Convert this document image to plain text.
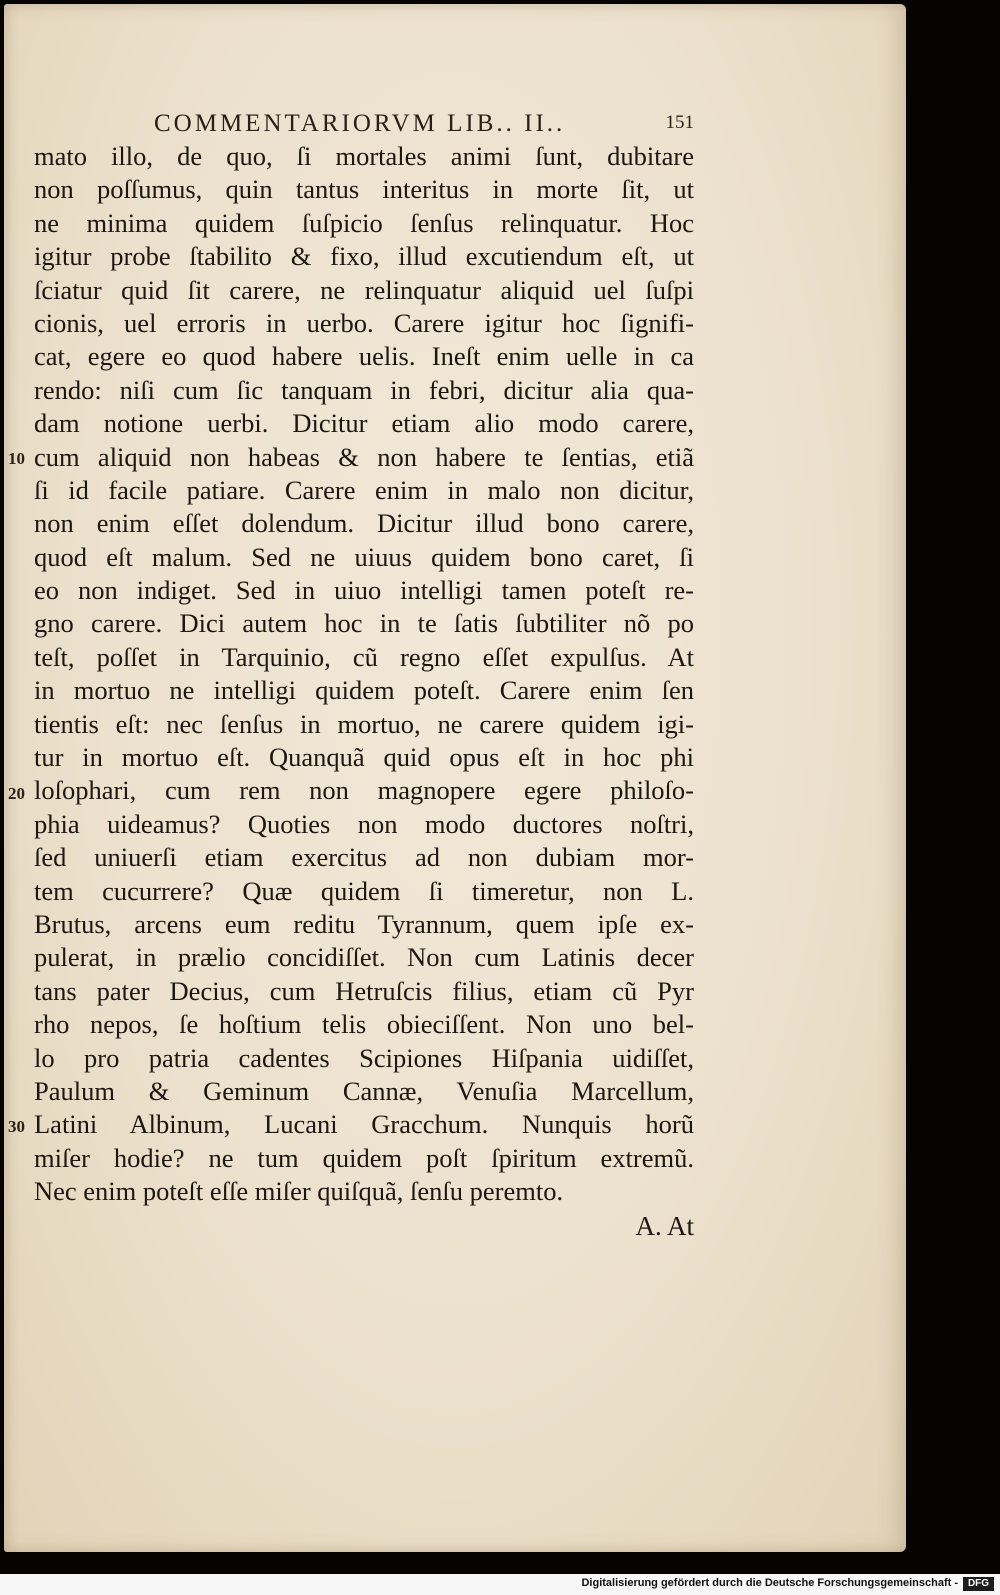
COMMENTARIORVM LIB.. II..	151
10
20
30
mato illo, de quo, ſi mortales animi ſunt, dubitare
non poſſumus, quin tantus interitus in morte ſit, ut
ne minima quidem ſuſpicio ſenſus relinquatur. Hoc
igitur probe ſtabilito & fixo, illud excutiendum eſt, ut
ſciatur quid ſit carere, ne relinquatur aliquid uel ſuſpi
cionis, uel erroris in uerbo. Carere igitur hoc ſignifi-
cat, egere eo quod habere uelis. Ineſt enim uelle in ca
rendo: niſi cum ſic tanquam in febri, dicitur alia qua-
dam notione uerbi. Dicitur etiam alio modo carere,
cum aliquid non habeas & non habere te ſentias, etiã
ſi id facile patiare. Carere enim in malo non dicitur,
non enim eſſet dolendum. Dicitur illud bono carere,
quod eſt malum. Sed ne uiuus quidem bono caret, ſi
eo non indiget. Sed in uiuo intelligi tamen poteſt re-
gno carere. Dici autem hoc in te ſatis ſubtiliter nõ po
teſt, poſſet in Tarquinio, cũ regno eſſet expulſus. At
in mortuo ne intelligi quidem poteſt. Carere enim ſen
tientis eſt: nec ſenſus in mortuo, ne carere quidem igi-
tur in mortuo eſt. Quanquã quid opus eſt in hoc phi
loſophari, cum rem non magnopere egere philoſo-
phia uideamus? Quoties non modo ductores noſtri,
ſed uniuerſi etiam exercitus ad non dubiam mor-
tem cucurrere? Quæ quidem ſi timeretur, non L.
Brutus, arcens eum reditu Tyrannum, quem ipſe ex-
pulerat, in prælio concidiſſet. Non cum Latinis decer
tans pater Decius, cum Hetruſcis filius, etiam cũ Pyr
rho nepos, ſe hoſtium telis obieciſſent. Non uno bel-
lo pro patria cadentes Scipiones Hiſpania uidiſſet,
Paulum & Geminum Cannæ, Venuſia Marcellum,
Latini Albinum, Lucani Gracchum. Nunquis horũ
miſer hodie? ne tum quidem poſt ſpiritum extremũ.
Nec enim poteſt eſſe miſer quiſquã, ſenſu peremto.
A. At
Digitalisierung gefördert durch die Deutsche Forschungsgemeinschaft - DFG
